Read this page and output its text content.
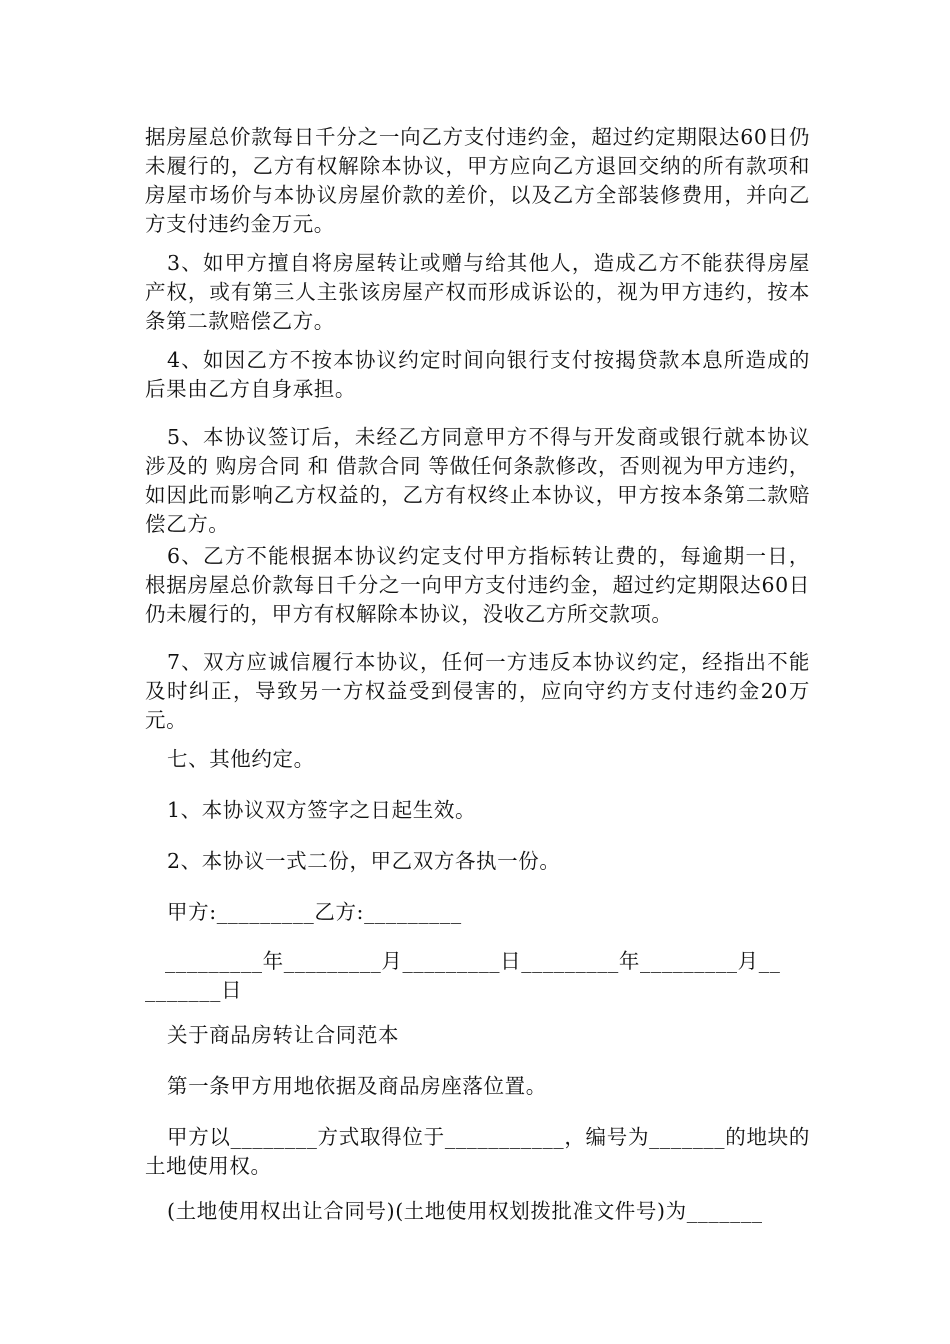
据房屋总价款每日千分之一向乙方支付违约金，超过约定期限达60日仍未履行的，乙方有权解除本协议，甲方应向乙方退回交纳的所有款项和房屋市场价与本协议房屋价款的差价，以及乙方全部装修费用，并向乙方支付违约金万元。

3、如甲方擅自将房屋转让或赠与给其他人，造成乙方不能获得房屋产权，或有第三人主张该房屋产权而形成诉讼的，视为甲方违约，按本条第二款赔偿乙方。

4、如因乙方不按本协议约定时间向银行支付按揭贷款本息所造成的后果由乙方自身承担。

5、本协议签订后，未经乙方同意甲方不得与开发商或银行就本协议涉及的 购房合同 和 借款合同 等做任何条款修改，否则视为甲方违约，如因此而影响乙方权益的，乙方有权终止本协议，甲方按本条第二款赔偿乙方。

6、乙方不能根据本协议约定支付甲方指标转让费的，每逾期一日，根据房屋总价款每日千分之一向甲方支付违约金，超过约定期限达60日仍未履行的，甲方有权解除本协议，没收乙方所交款项。

7、双方应诚信履行本协议，任何一方违反本协议约定，经指出不能及时纠正，导致另一方权益受到侵害的，应向守约方支付违约金20万元。

七、其他约定。

1、本协议双方签字之日起生效。

2、本协议一式二份，甲乙双方各执一份。

甲方:_________乙方:_________

_________年_________月_________日_________年_________月__
_______日

关于商品房转让合同范本

第一条甲方用地依据及商品房座落位置。

甲方以________方式取得位于___________，编号为_______的地块的土地使用权。

(土地使用权出让合同号)(土地使用权划拨批准文件号)为_______
